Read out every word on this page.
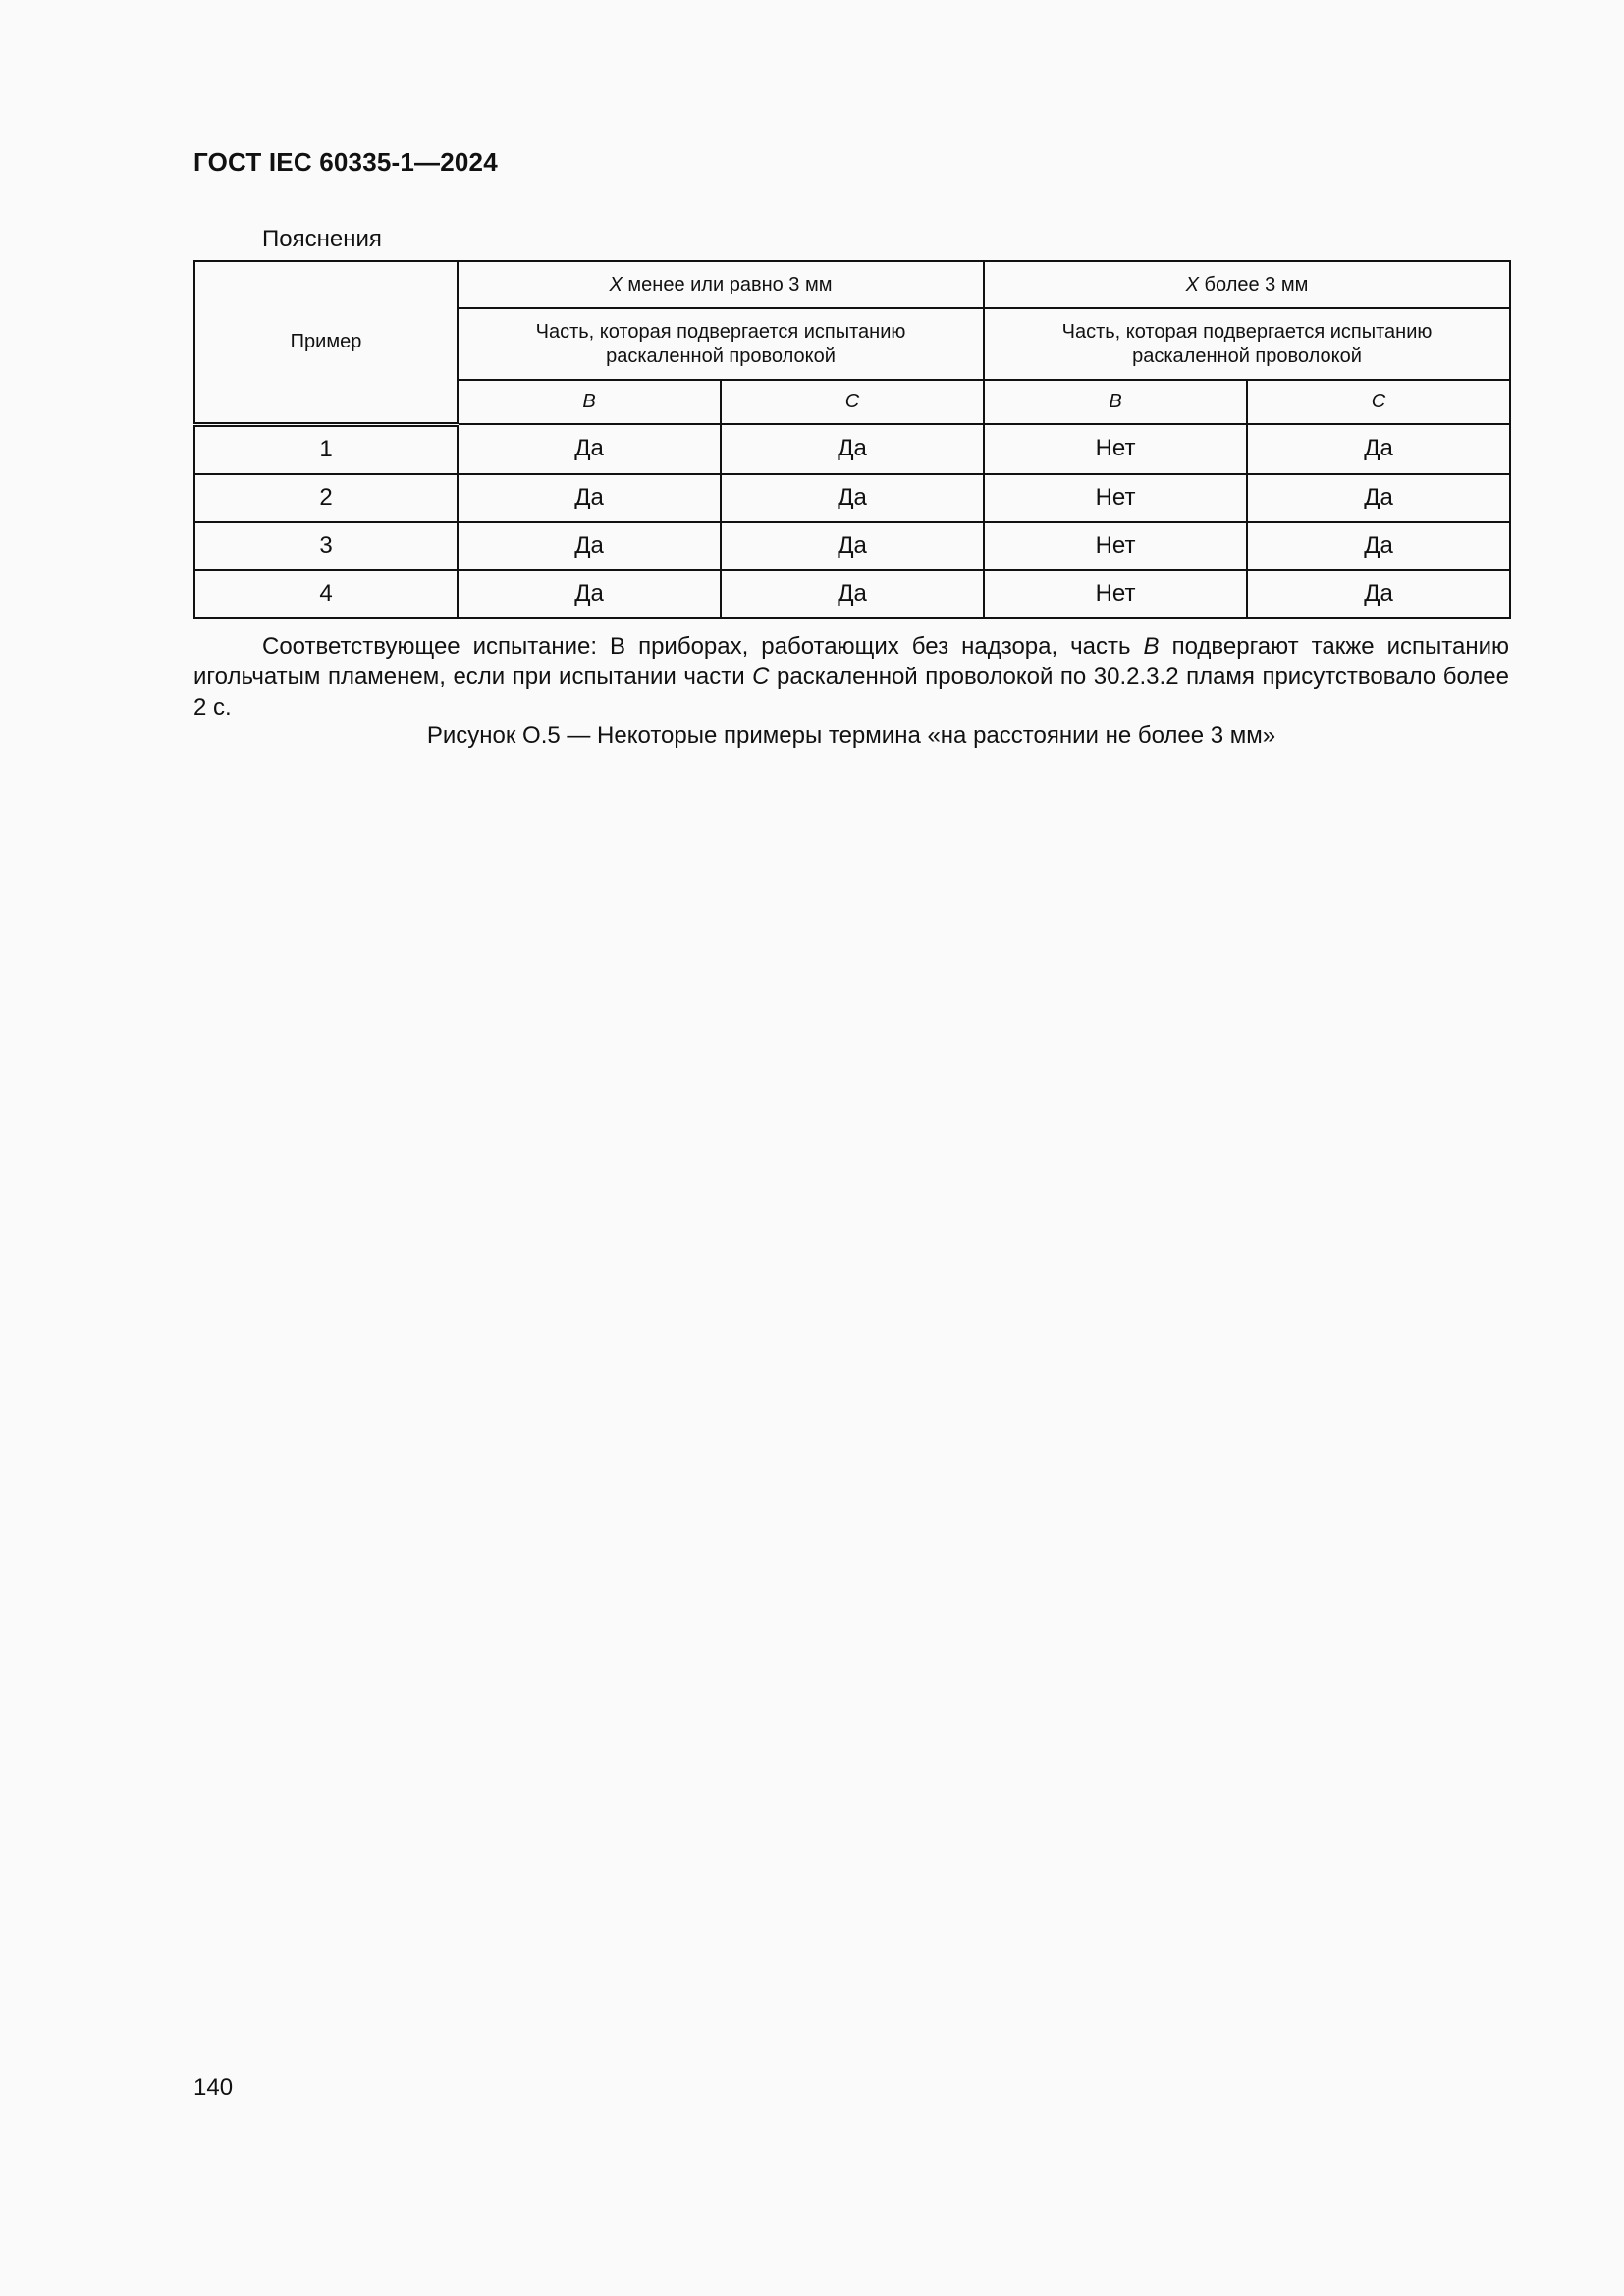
ГОСТ IEC 60335-1—2024
Пояснения
Пример	X менее или равно 3 мм		X более 3 мм	

	Часть, которая подвергается испытанию раскаленной проволокой		Часть, которая подвергается испытанию раскаленной проволокой	

	B	C	B	C
1	Да	Да	Нет	Да
2	Да	Да	Нет	Да
3	Да	Да	Нет	Да
4	Да	Да	Нет	Да
Соответствующее испытание: В приборах, работающих без надзора, часть B подвергают также испытанию игольчатым пламенем, если при испытании части C раскаленной проволокой по 30.2.3.2 пламя присутствовало более 2 с.
Рисунок О.5 — Некоторые примеры термина «на расстоянии не более 3 мм»
140
